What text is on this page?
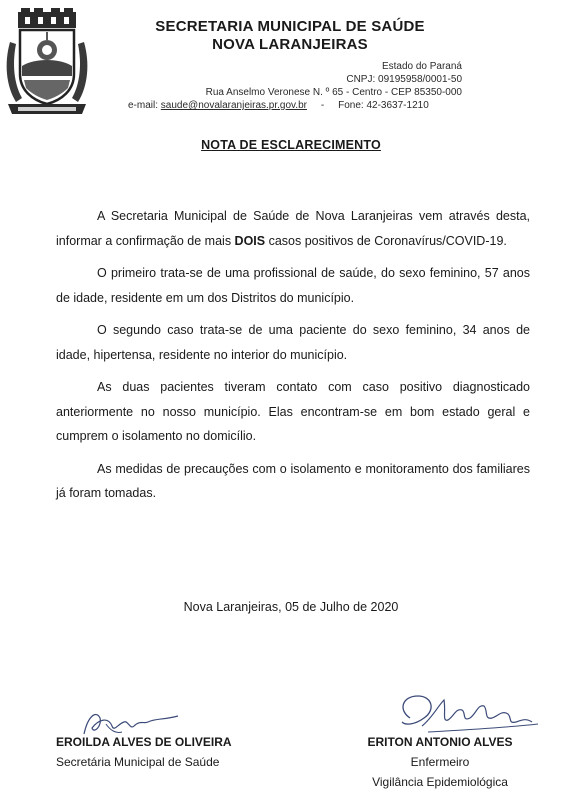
SECRETARIA MUNICIPAL DE SAÚDE
NOVA LARANJEIRAS
Estado do Paraná
CNPJ: 09195958/0001-50
Rua Anselmo Veronese N. º 65 - Centro - CEP 85350-000
e-mail: saude@novalaranjeiras.pr.gov.br - Fone: 42-3637-1210
NOTA DE ESCLARECIMENTO

A Secretaria Municipal de Saúde de Nova Laranjeiras vem através desta, informar a confirmação de mais DOIS casos positivos de Coronavírus/COVID-19.

O primeiro trata-se de uma profissional de saúde, do sexo feminino, 57 anos de idade, residente em um dos Distritos do município.

O segundo caso trata-se de uma paciente do sexo feminino, 34 anos de idade, hipertensa, residente no interior do município.

As duas pacientes tiveram contato com caso positivo diagnosticado anteriormente no nosso município. Elas encontram-se em bom estado geral e cumprem o isolamento no domicílio.

As medidas de precauções com o isolamento e monitoramento dos familiares já foram tomadas.

Nova Laranjeiras, 05 de Julho de 2020
EROILDA ALVES DE OLIVEIRA
Secretária Municipal de Saúde
ERITON ANTONIO ALVES
Enfermeiro
Vigilância Epidemiológica
